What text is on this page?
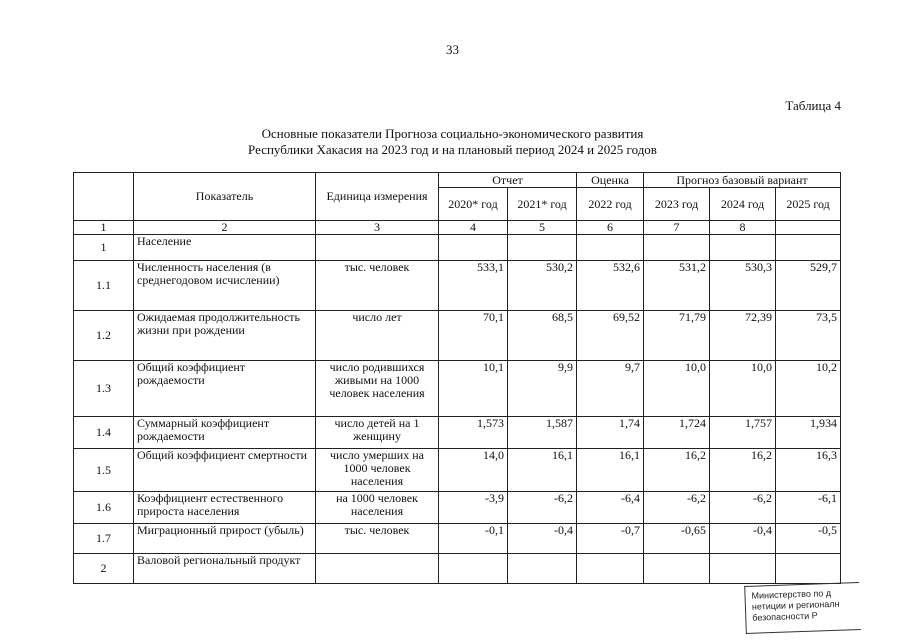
33
Таблица 4
Основные показатели Прогноза социально-экономического развития
Республики Хакасия на 2023 год и на плановый период 2024 и 2025 годов
	Показатель	Единица измерения	Отчет		Оценка	Прогноз базовый вариант		
			2020* год	2021* год	2022 год	2023 год	2024 год	2025 год
1	2	3	4	5	6	7	8	
1	Население							
1.1	Численность населения (в среднегодовом исчислении)	тыс. человек	533,1	530,2	532,6	531,2	530,3	529,7
1.2	Ожидаемая продолжительность жизни при рождении	число лет	70,1	68,5	69,52	71,79	72,39	73,5
1.3	Общий коэффициент рождаемости	число родившихся живыми на 1000 человек населения	10,1	9,9	9,7	10,0	10,0	10,2
1.4	Суммарный коэффициент рождаемости	число детей на 1 женщину	1,573	1,587	1,74	1,724	1,757	1,934
1.5	Общий коэффициент смертности	число умерших на 1000 человек населения	14,0	16,1	16,1	16,2	16,2	16,3
1.6	Коэффициент естественного прироста населения	на 1000 человек населения	-3,9	-6,2	-6,4	-6,2	-6,2	-6,1
1.7	Миграционный прирост (убыль)	тыс. человек	-0,1	-0,4	-0,7	-0,65	-0,4	-0,5
2	Валовой региональный продукт							
Министерство по д
нетиции и регионалн
безопасности Р
